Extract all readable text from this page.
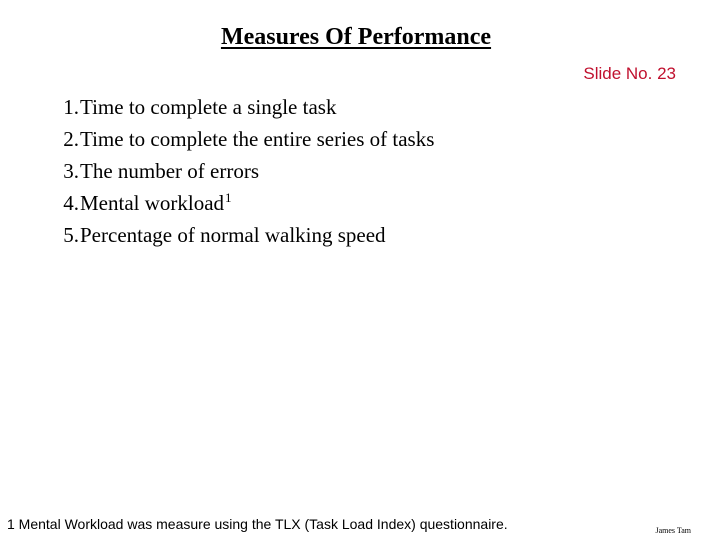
Measures Of Performance
Slide No. 23
1. Time to complete a single task
2. Time to complete the entire series of tasks
3. The number of errors
4. Mental workload$^1$
5. Percentage of normal walking speed
1 Mental Workload was measure using the TLX (Task Load Index) questionnaire.	James Tam
